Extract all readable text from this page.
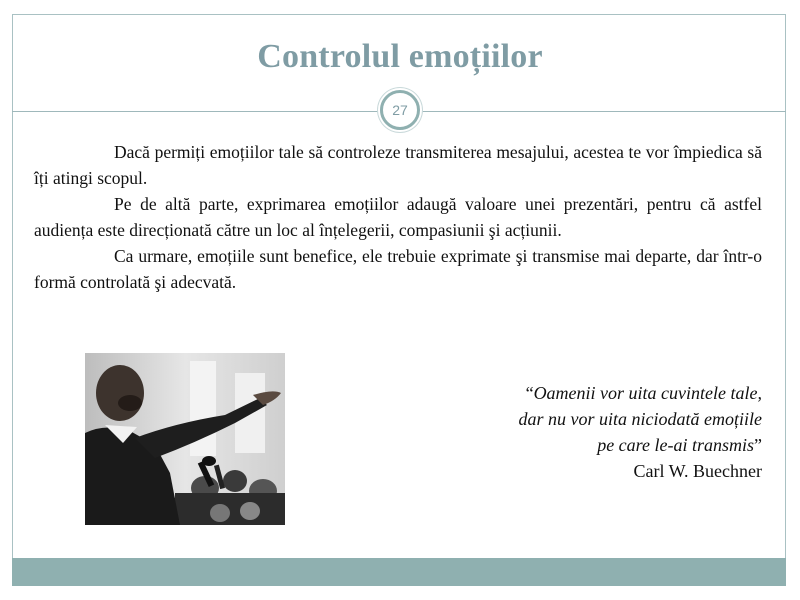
Controlul emoțiilor
27

Dacă permiți emoțiilor tale să controleze transmiterea mesajului, acestea te vor împiedica să îți atingi scopul.

Pe de altă parte, exprimarea emoțiilor adaugă valoare unei prezentări, pentru că astfel audiența este direcționată către un loc al înțelegerii, compasiunii şi acțiunii.

Ca urmare, emoțiile sunt benefice, ele trebuie exprimate şi transmise mai departe, dar într-o formă controlată şi adecvată.

“Oamenii vor uita cuvintele tale,
dar nu vor uita niciodată emoțiile
pe care le-ai transmis”
Carl W. Buechner
